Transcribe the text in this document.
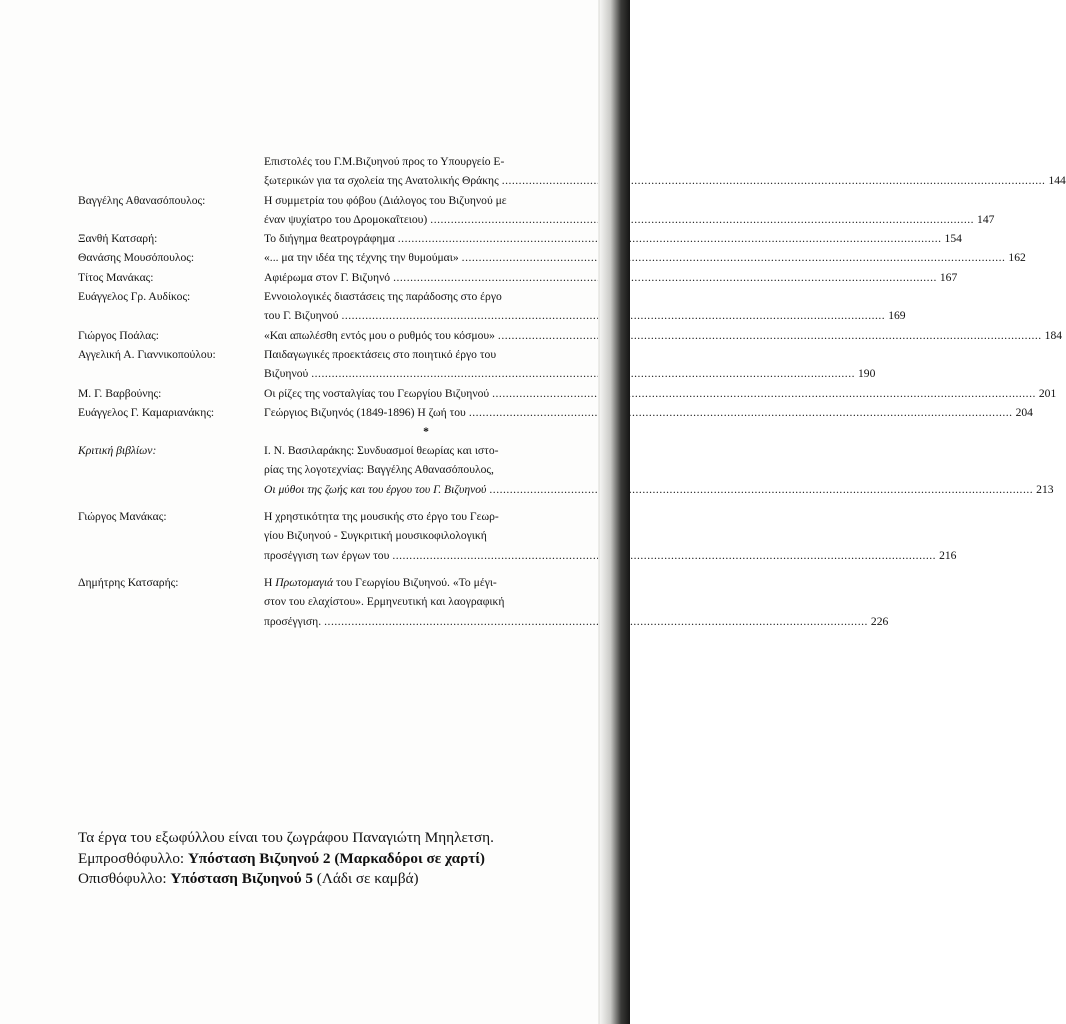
Επιστολές του Γ.Μ.Βιζυηνού προς το Υπουργείο Ε-
ξωτερικών για τα σχολεία της Ανατολικής Θράκης .....	144
Βαγγέλης Αθανασόπουλος:	Η συμμετρία του φόβου (Διάλογος του Βιζυηνού με
έναν ψυχίατρο του Δρομοκαΐτειου) .....	147
Ξανθή Κατσαρή:	Το διήγημα θεατρογράφημα .....	154
Θανάσης Μουσόπουλος:	«... μα την ιδέα της τέχνης την θυμούμαι» .....	162
Τίτος Μανάκας:	Αφιέρωμα στον Γ. Βιζυηνό .....	167
Ευάγγελος Γρ. Αυδίκος:	Εννοιολογικές διαστάσεις της παράδοσης στο έργο
του Γ. Βιζυηνού .....	169
Γιώργος Ποάλας:	«Και απωλέσθη εντός μου ο ρυθμός του κόσμου» .....	184
Αγγελική Α. Γιαννικοπούλου:	Παιδαγωγικές προεκτάσεις στο ποιητικό έργο του
Βιζυηνού .....	190
Μ. Γ. Βαρβούνης:	Οι ρίζες της νοσταλγίας του Γεωργίου Βιζυηνού .....	201
Ευάγγελος Γ. Καμαριανάκης:	Γεώργιος Βιζυηνός (1849-1896) Η ζωή του .....	204
*
Κριτική βιβλίων:	Ι. Ν. Βασιλαράκης: Συνδυασμοί θεωρίας και ιστο-
ρίας της λογοτεχνίας: Βαγγέλης Αθανασόπουλος,
Οι μύθοι της ζωής και του έργου του Γ. Βιζυηνού .....	213
Γιώργος Μανάκας:	Η χρηστικότητα της μουσικής στο έργο του Γεωρ-
γίου Βιζυηνού - Συγκριτική μουσικοφιλολογική
προσέγγιση των έργων του .....	216
Δημήτρης Κατσαρής:	Η Πρωτομαγιά του Γεωργίου Βιζυηνού. «Το μέγι-
στον του ελαχίστου». Ερμηνευτική και λαογραφική
προσέγγιση. .....	226
Τα έργα του εξωφύλλου είναι του ζωγράφου Παναγιώτη Μηηλετση.
Εμπροσθόφυλλο: Υπόσταση Βιζυηνού 2 (Μαρκαδόροι σε χαρτί)
Οπισθόφυλλο: Υπόσταση Βιζυηνού 5 (Λάδι σε καμβά)
